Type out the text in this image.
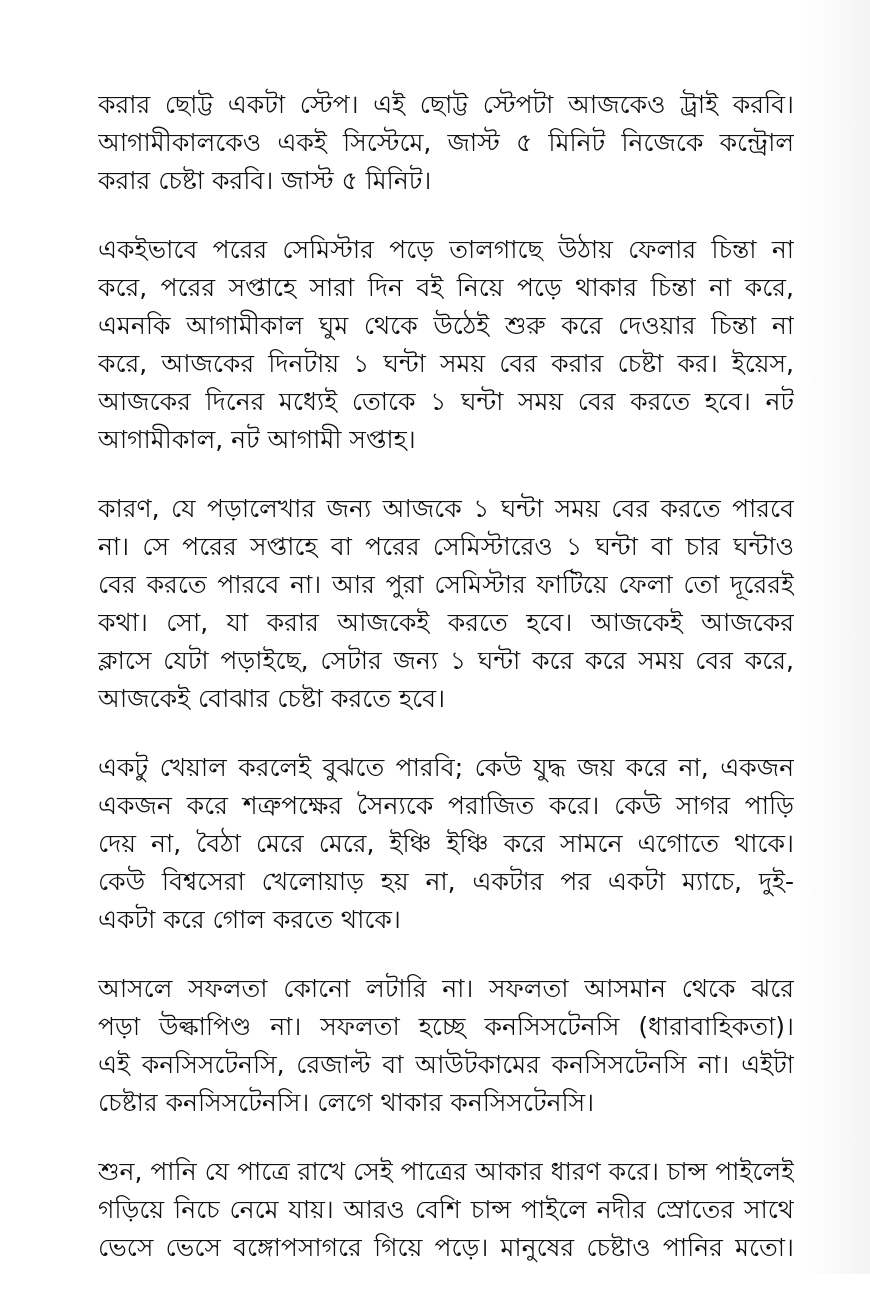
করার ছোট্ট একটা স্টেপ। এই ছোট্ট স্টেপটা আজকেও ট্রাই করবি।
আগামীকালকেও একই সিস্টেমে, জাস্ট ৫ মিনিট নিজেকে কন্ট্রোল
করার চেষ্টা করবি। জাস্ট ৫ মিনিট।
একইভাবে পরের সেমিস্টার পড়ে তালগাছে উঠায় ফেলার চিন্তা না
করে, পরের সপ্তাহে সারা দিন বই নিয়ে পড়ে থাকার চিন্তা না করে,
এমনকি আগামীকাল ঘুম থেকে উঠেই শুরু করে দেওয়ার চিন্তা না
করে, আজকের দিনটায় ১ ঘন্টা সময় বের করার চেষ্টা কর। ইয়েস,
আজকের দিনের মধ্যেই তোকে ১ ঘন্টা সময় বের করতে হবে। নট
আগামীকাল, নট আগামী সপ্তাহ।
কারণ, যে পড়ালেখার জন্য আজকে ১ ঘন্টা সময় বের করতে পারবে
না। সে পরের সপ্তাহে বা পরের সেমিস্টারেও ১ ঘন্টা বা চার ঘন্টাও
বের করতে পারবে না। আর পুরা সেমিস্টার ফাটিয়ে ফেলা তো দূরেরই
কথা। সো, যা করার আজকেই করতে হবে। আজকেই আজকের
ক্লাসে যেটা পড়াইছে, সেটার জন্য ১ ঘন্টা করে করে সময় বের করে,
আজকেই বোঝার চেষ্টা করতে হবে।
একটু খেয়াল করলেই বুঝতে পারবি; কেউ যুদ্ধ জয় করে না, একজন
একজন করে শত্রুপক্ষের সৈন্যকে পরাজিত করে। কেউ সাগর পাড়ি
দেয় না, বৈঠা মেরে মেরে, ইঞ্চি ইঞ্চি করে সামনে এগোতে থাকে।
কেউ বিশ্বসেরা খেলোয়াড় হয় না, একটার পর একটা ম্যাচে, দুই-
একটা করে গোল করতে থাকে।
আসলে সফলতা কোনো লটারি না। সফলতা আসমান থেকে ঝরে
পড়া উল্কাপিণ্ড না। সফলতা হচ্ছে কনসিসটেনসি (ধারাবাহিকতা)।
এই কনসিসটেনসি, রেজাল্ট বা আউটকামের কনসিসটেনসি না। এইটা
চেষ্টার কনসিসটেনসি। লেগে থাকার কনসিসটেনসি।
শুন, পানি যে পাত্রে রাখে সেই পাত্রের আকার ধারণ করে। চান্স পাইলেই
গড়িয়ে নিচে নেমে যায়। আরও বেশি চান্স পাইলে নদীর স্রোতের সাথে
ভেসে ভেসে বঙ্গোপসাগরে গিয়ে পড়ে। মানুষের চেষ্টাও পানির মতো।
